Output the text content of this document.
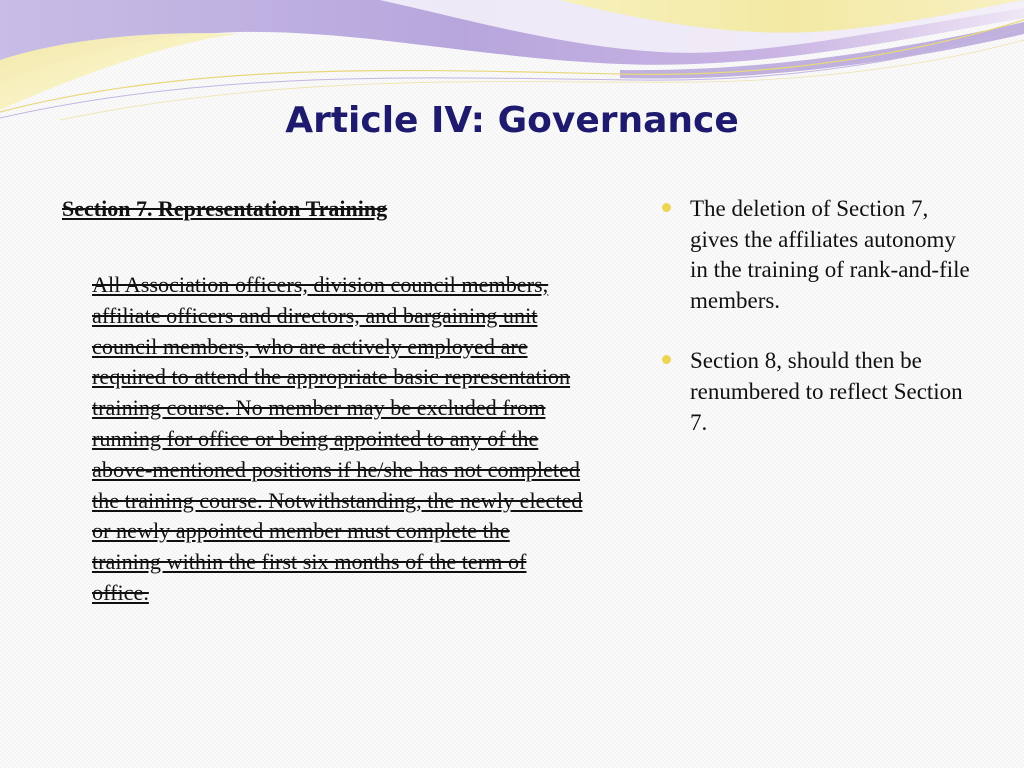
Article IV: Governance

Section 7. Representation Training

All Association officers, division council members, affiliate officers and directors, and bargaining unit council members, who are actively employed are required to attend the appropriate basic representation training course. No member may be excluded from running for office or being appointed to any of the above-mentioned positions if he/she has not completed the training course. Notwithstanding, the newly elected or newly appointed member must complete the training within the first six months of the term of office.

The deletion of Section 7, gives the affiliates autonomy in the training of rank-and-file members.
Section 8, should then be renumbered to reflect Section 7.
